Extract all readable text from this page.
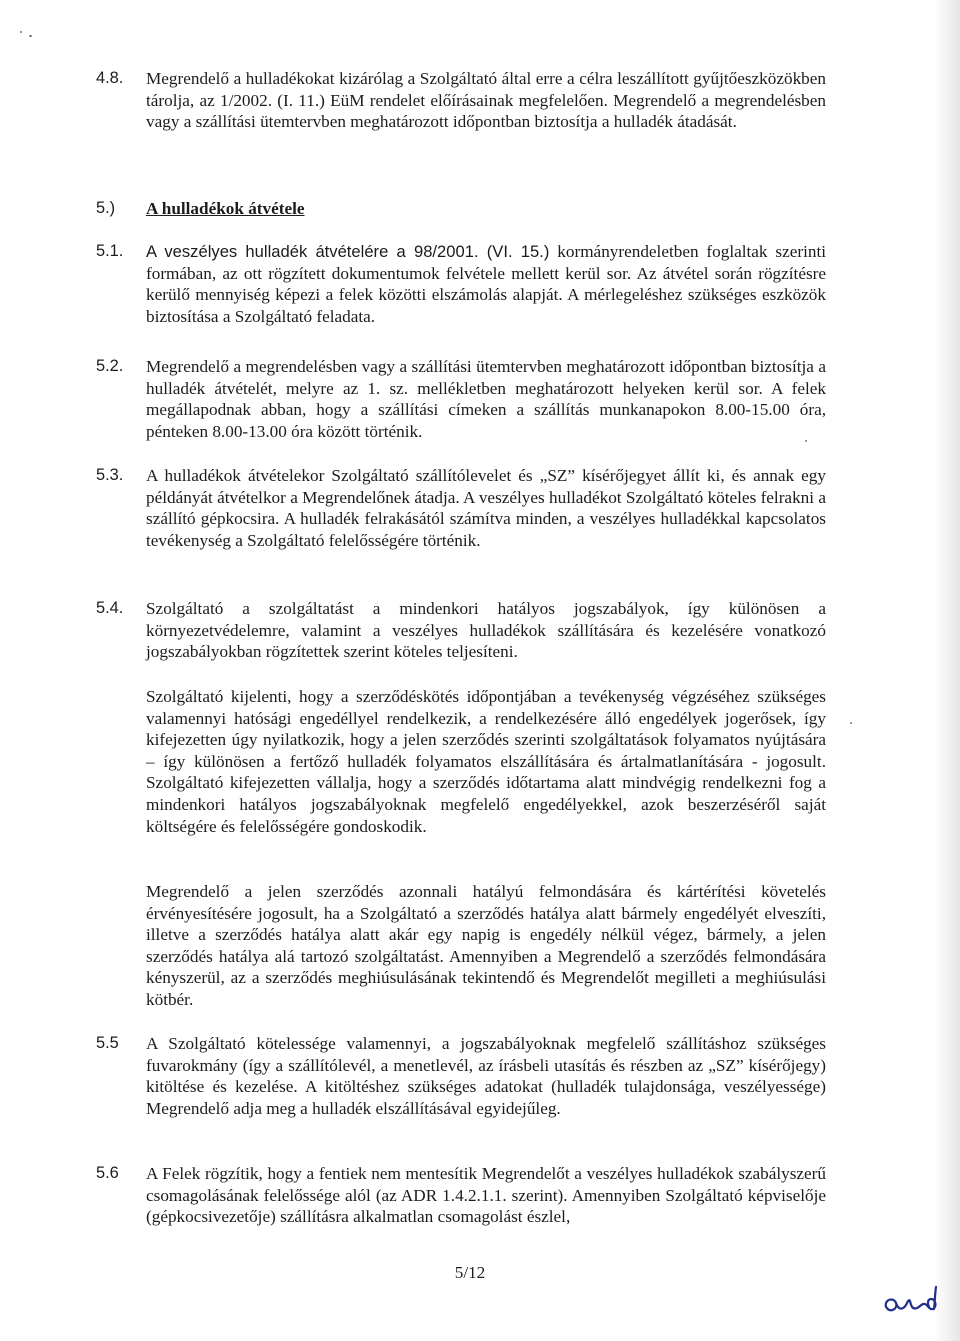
4.8.	Megrendelő a hulladékokat kizárólag a Szolgáltató által erre a célra leszállított gyűjtőeszközökben tárolja, az 1/2002. (I. 11.) EüM rendelet előírásainak megfelelően. Megrendelő a megrendelésben vagy a szállítási ütemtervben meghatározott időpontban biztosítja a hulladék átadását.
5.)	A hulladékok átvétele
5.1.	A veszélyes hulladék átvételére a 98/2001. (VI. 15.) kormányrendeletben foglaltak szerinti formában, az ott rögzített dokumentumok felvétele mellett kerül sor. Az átvétel során rögzítésre kerülő mennyiség képezi a felek közötti elszámolás alapját. A mérlegeléshez szükséges eszközök biztosítása a Szolgáltató feladata.
5.2.	Megrendelő a megrendelésben vagy a szállítási ütemtervben meghatározott időpontban biztosítja a hulladék átvételét, melyre az 1. sz. mellékletben meghatározott helyeken kerül sor. A felek megállapodnak abban, hogy a szállítási címeken a szállítás munkanapokon 8.00-15.00 óra, pénteken 8.00-13.00 óra között történik.
5.3.	A hulladékok átvételekor Szolgáltató szállítólevelet és „SZ” kísérőjegyet állít ki, és annak egy példányát átvételkor a Megrendelőnek átadja. A veszélyes hulladékot Szolgáltató köteles felrakni a szállító gépkocsira. A hulladék felrakásától számítva minden, a veszélyes hulladékkal kapcsolatos tevékenység a Szolgáltató felelősségére történik.
5.4.	Szolgáltató a szolgáltatást a mindenkori hatályos jogszabályok, így különösen a környezetvédelemre, valamint a veszélyes hulladékok szállítására és kezelésére vonatkozó jogszabályokban rögzítettek szerint köteles teljesíteni.
Szolgáltató kijelenti, hogy a szerződéskötés időpontjában a tevékenység végzéséhez szükséges valamennyi hatósági engedéllyel rendelkezik, a rendelkezésére álló engedélyek jogerősek, így kifejezetten úgy nyilatkozik, hogy a jelen szerződés szerinti szolgáltatások folyamatos nyújtására – így különösen a fertőző hulladék folyamatos elszállítására és ártalmatlanítására - jogosult. Szolgáltató kifejezetten vállalja, hogy a szerződés időtartama alatt mindvégig rendelkezni fog a mindenkori hatályos jogszabályoknak megfelelő engedélyekkel, azok beszerzéséről saját költségére és felelősségére gondoskodik.
Megrendelő a jelen szerződés azonnali hatályú felmondására és kártérítési követelés érvényesítésére jogosult, ha a Szolgáltató a szerződés hatálya alatt bármely engedélyét elveszíti, illetve a szerződés hatálya alatt akár egy napig is engedély nélkül végez, bármely, a jelen szerződés hatálya alá tartozó szolgáltatást. Amennyiben a Megrendelő a szerződés felmondására kényszerül, az a szerződés meghiúsulásának tekintendő és Megrendelőt megilleti a meghiúsulási kötbér.
5.5	A Szolgáltató kötelessége valamennyi, a jogszabályoknak megfelelő szállításhoz szükséges fuvarokmány (így a szállítólevél, a menetlevél, az írásbeli utasítás és részben az „SZ” kísérőjegy) kitöltése és kezelése. A kitöltéshez szükséges adatokat (hulladék tulajdonsága, veszélyessége) Megrendelő adja meg a hulladék elszállításával egyidejűleg.
5.6	A Felek rögzítik, hogy a fentiek nem mentesítik Megrendelőt a veszélyes hulladékok szabályszerű csomagolásának felelőssége alól (az ADR 1.4.2.1.1. szerint). Amennyiben Szolgáltató képviselője (gépkocsivezetője) szállításra alkalmatlan csomagolást észlel,
5/12
